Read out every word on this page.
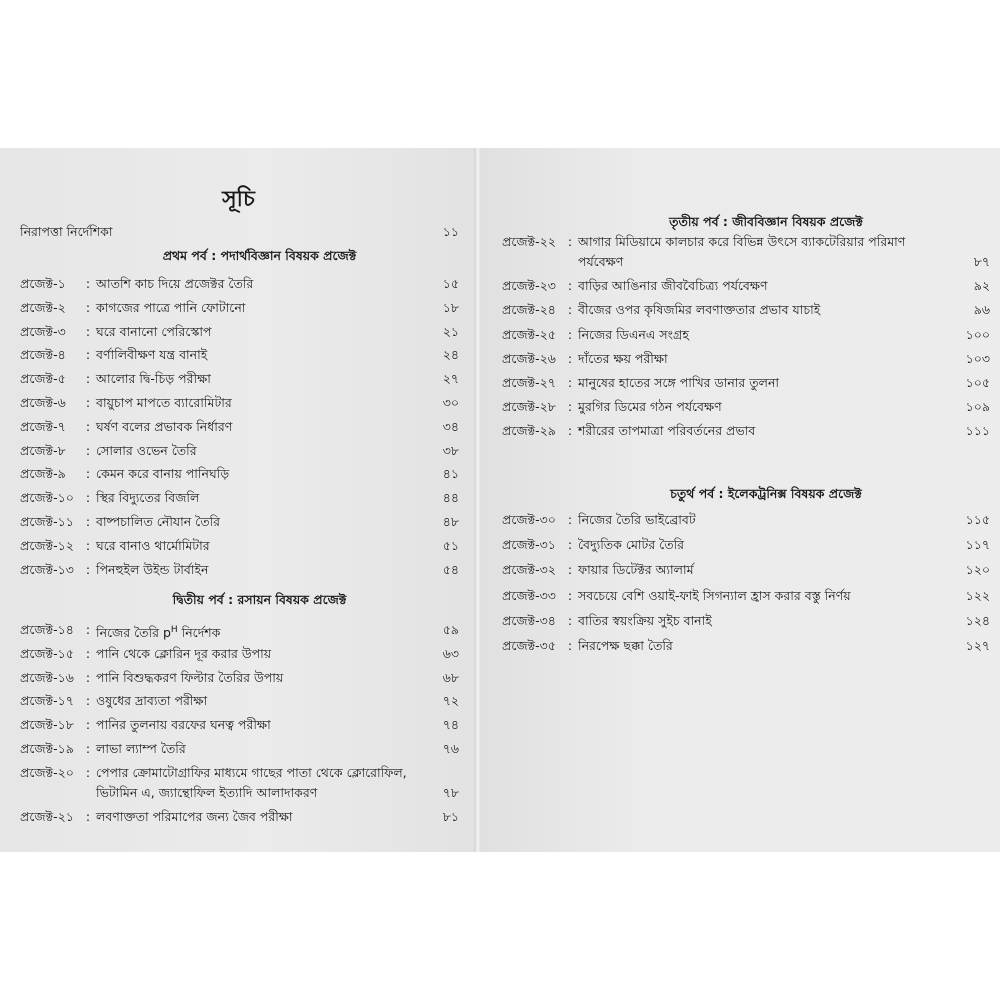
সূচি
নিরাপত্তা নির্দেশিকা	১১
প্রথম পর্ব : পদার্থবিজ্ঞান বিষয়ক প্রজেক্ট
প্রজেক্ট-১	: আতশি কাচ দিয়ে প্রজেক্টর তৈরি	১৫
প্রজেক্ট-২	: কাগজের পাত্রে পানি ফোটানো	১৮
প্রজেক্ট-৩	: ঘরে বানানো পেরিস্কোপ	২১
প্রজেক্ট-৪	: বর্ণালিবীক্ষণ যন্ত্র বানাই	২৪
প্রজেক্ট-৫	: আলোর দ্বি-চিড় পরীক্ষা	২৭
প্রজেক্ট-৬	: বায়ুচাপ মাপতে ব্যারোমিটার	৩০
প্রজেক্ট-৭	: ঘর্ষণ বলের প্রভাবক নির্ধারণ	৩৪
প্রজেক্ট-৮	: সোলার ওভেন তৈরি	৩৮
প্রজেক্ট-৯	: কেমন করে বানায় পানিঘড়ি	৪১
প্রজেক্ট-১০ : স্থির বিদ্যুতের বিজলি	৪৪
প্রজেক্ট-১১ : বাষ্পচালিত নৌযান তৈরি	৪৮
প্রজেক্ট-১২ : ঘরে বানাও থার্মোমিটার	৫১
প্রজেক্ট-১৩ : পিনহুইল উইন্ড টার্বাইন	৫৪
দ্বিতীয় পর্ব : রসায়ন বিষয়ক প্রজেক্ট
প্রজেক্ট-১৪ : নিজের তৈরি $p^H$ নির্দেশক	৫৯
প্রজেক্ট-১৫ : পানি থেকে ক্লোরিন দূর করার উপায়	৬৩
প্রজেক্ট-১৬ : পানি বিশুদ্ধকরণ ফিল্টার তৈরির উপায়	৬৮
প্রজেক্ট-১৭ : ওষুধের দ্রাব্যতা পরীক্ষা	৭২
প্রজেক্ট-১৮ : পানির তুলনায় বরফের ঘনত্ব পরীক্ষা	৭৪
প্রজেক্ট-১৯ : লাভা ল্যাম্প তৈরি	৭৬
প্রজেক্ট-২০ : পেপার ক্রোমাটোগ্রাফির মাধ্যমে গাছের পাতা থেকে ক্লোরোফিল,
ভিটামিন এ, জ্যান্থোফিল ইত্যাদি আলাদাকরণ	৭৮
প্রজেক্ট-২১ : লবণাক্ততা পরিমাপের জন্য জৈব পরীক্ষা	৮১
তৃতীয় পর্ব : জীববিজ্ঞান বিষয়ক প্রজেক্ট
প্রজেক্ট-২২ : আগার মিডিয়ামে কালচার করে বিভিন্ন উৎসে ব্যাকটেরিয়ার পরিমাণ
পর্যবেক্ষণ	৮৭
প্রজেক্ট-২৩ : বাড়ির আঙিনার জীববৈচিত্র্য পর্যবেক্ষণ	৯২
প্রজেক্ট-২৪ : বীজের ওপর কৃষিজমির লবণাক্ততার প্রভাব যাচাই	৯৬
প্রজেক্ট-২৫ : নিজের ডিএনএ সংগ্রহ	১০০
প্রজেক্ট-২৬ : দাঁতের ক্ষয় পরীক্ষা	১০৩
প্রজেক্ট-২৭ : মানুষের হাতের সঙ্গে পাখির ডানার তুলনা	১০৫
প্রজেক্ট-২৮ : মুরগির ডিমের গঠন পর্যবেক্ষণ	১০৯
প্রজেক্ট-২৯ : শরীরের তাপমাত্রা পরিবর্তনের প্রভাব	১১১
চতুর্থ পর্ব : ইলেকট্রনিক্স বিষয়ক প্রজেক্ট
প্রজেক্ট-৩০ : নিজের তৈরি ভাইব্রোবট	১১৫
প্রজেক্ট-৩১ : বৈদ্যুতিক মোটর তৈরি	১১৭
প্রজেক্ট-৩২ : ফায়ার ডিটেক্টর অ্যালার্ম	১২০
প্রজেক্ট-৩৩ : সবচেয়ে বেশি ওয়াই-ফাই সিগন্যাল হ্রাস করার বস্তু নির্ণয়	১২২
প্রজেক্ট-৩৪ : বাতির স্বয়ংক্রিয় সুইচ বানাই	১২৪
প্রজেক্ট-৩৫ : নিরপেক্ষ ছক্কা তৈরি	১২৭
